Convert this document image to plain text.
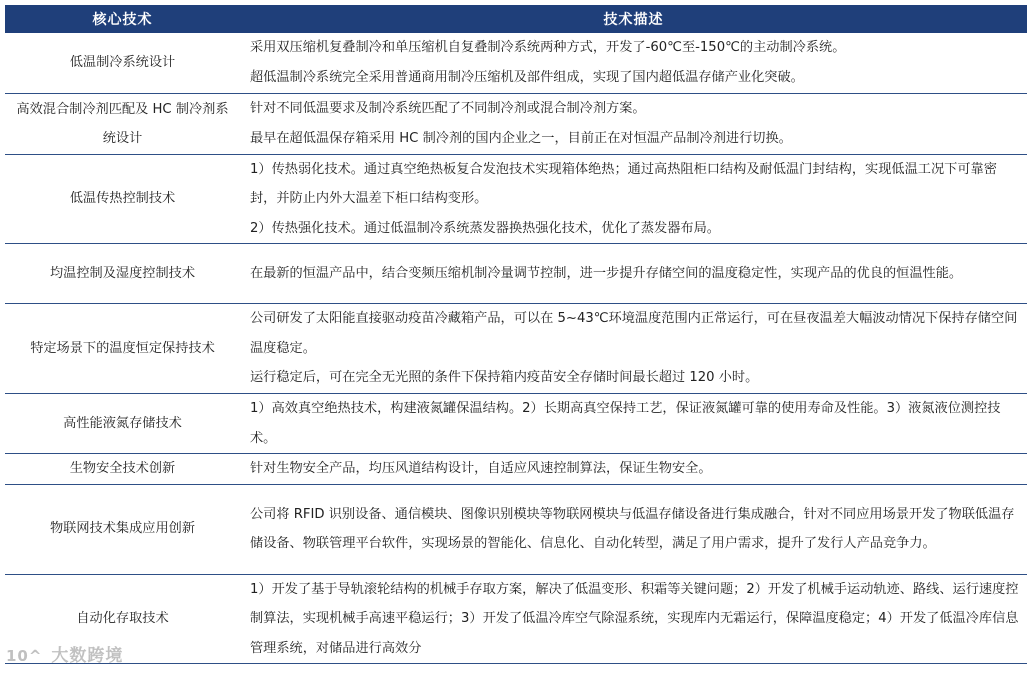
核心技术	技术描述
低温制冷系统设计	采用双压缩机复叠制冷和单压缩机自复叠制冷系统两种方式，开发了-60℃至-150℃的主动制冷系统。

超低温制冷系统完全采用普通商用制冷压缩机及部件组成，实现了国内超低温存储产业化突破。

高效混合制冷剂匹配及 HC 制冷剂系统设计	针对不同低温要求及制冷系统匹配了不同制冷剂或混合制冷剂方案。

最早在超低温保存箱采用 HC 制冷剂的国内企业之一，目前正在对恒温产品制冷剂进行切换。

低温传热控制技术	1）传热弱化技术。通过真空绝热板复合发泡技术实现箱体绝热；通过高热阻柜口结构及耐低温门封结构，实现低温工况下可靠密封，并防止内外大温差下柜口结构变形。

2）传热强化技术。通过低温制冷系统蒸发器换热强化技术，优化了蒸发器布局。

均温控制及湿度控制技术	在最新的恒温产品中，结合变频压缩机制冷量调节控制，进一步提升存储空间的温度稳定性，实现产品的优良的恒温性能。

特定场景下的温度恒定保持技术	公司研发了太阳能直接驱动疫苗冷藏箱产品，可以在 5~43℃环境温度范围内正常运行，可在昼夜温差大幅波动情况下保持存储空间温度稳定。

运行稳定后，可在完全无光照的条件下保持箱内疫苗安全存储时间最长超过 120 小时。

高性能液氮存储技术	1）高效真空绝热技术，构建液氮罐保温结构。2）长期高真空保持工艺，保证液氮罐可靠的使用寿命及性能。3）液氮液位测控技术。

生物安全技术创新	针对生物安全产品，均压风道结构设计，自适应风速控制算法，保证生物安全。

物联网技术集成应用创新	公司将 RFID 识别设备、通信模块、图像识别模块等物联网模块与低温存储设备进行集成融合，针对不同应用场景开发了物联低温存储设备、物联管理平台软件，实现场景的智能化、信息化、自动化转型，满足了用户需求，提升了发行人产品竞争力。

自动化存取技术	1）开发了基于导轨滚轮结构的机械手存取方案，解决了低温变形、积霜等关键问题；2）开发了机械手运动轨迹、路线、运行速度控制算法，实现机械手高速平稳运行；3）开发了低温冷库空气除湿系统，实现库内无霜运行，保障温度稳定；4）开发了低温冷库信息管理系统，对储品进行高效分

10^ 大数跨境
